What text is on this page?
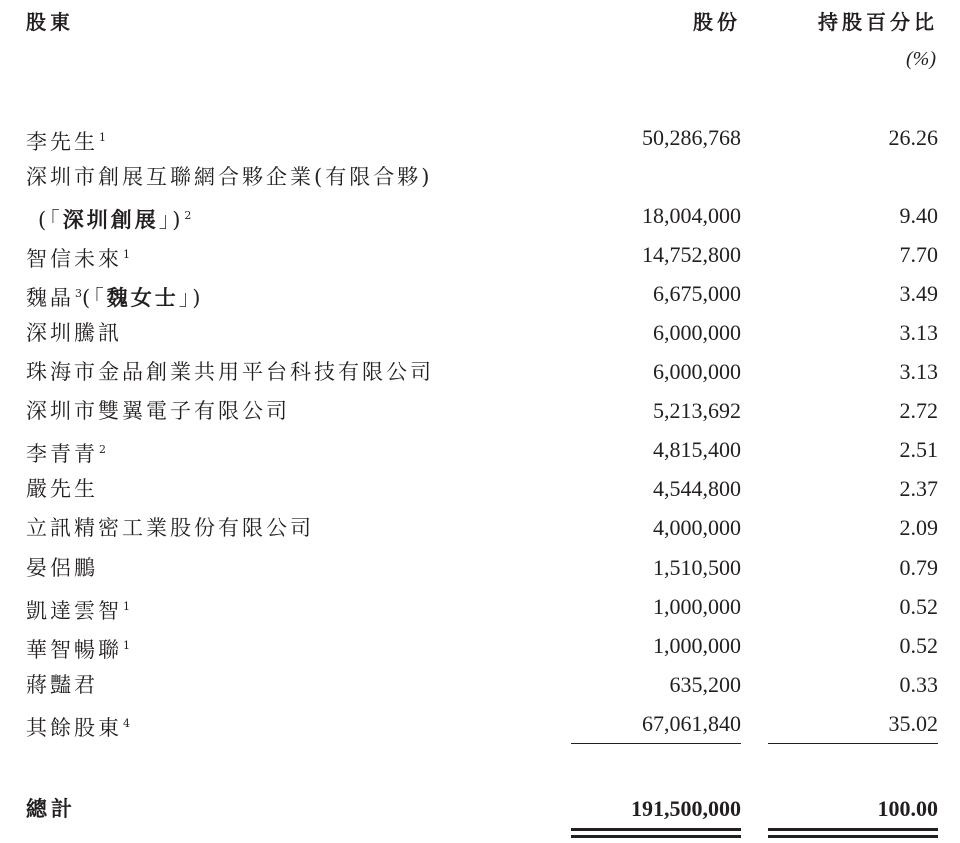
股東	股份	持股百分比
(%)
李先生$^1$	50,286,768	26.26
深圳市創展互聯網合夥企業(有限合夥)
(「深圳創展」)$^2$	18,004,000	9.40
智信未來$^1$	14,752,800	7.70
魏晶$^3$(「魏女士」)	6,675,000	3.49
深圳騰訊	6,000,000	3.13
珠海市金品創業共用平台科技有限公司	6,000,000	3.13
深圳市雙翼電子有限公司	5,213,692	2.72
李青青$^2$	4,815,400	2.51
嚴先生	4,544,800	2.37
立訊精密工業股份有限公司	4,000,000	2.09
晏侶鵬	1,510,500	0.79
凱達雲智$^1$	1,000,000	0.52
華智暢聯$^1$	1,000,000	0.52
蔣豔君	635,200	0.33
其餘股東$^4$	67,061,840	35.02
總計	191,500,000	100.00
